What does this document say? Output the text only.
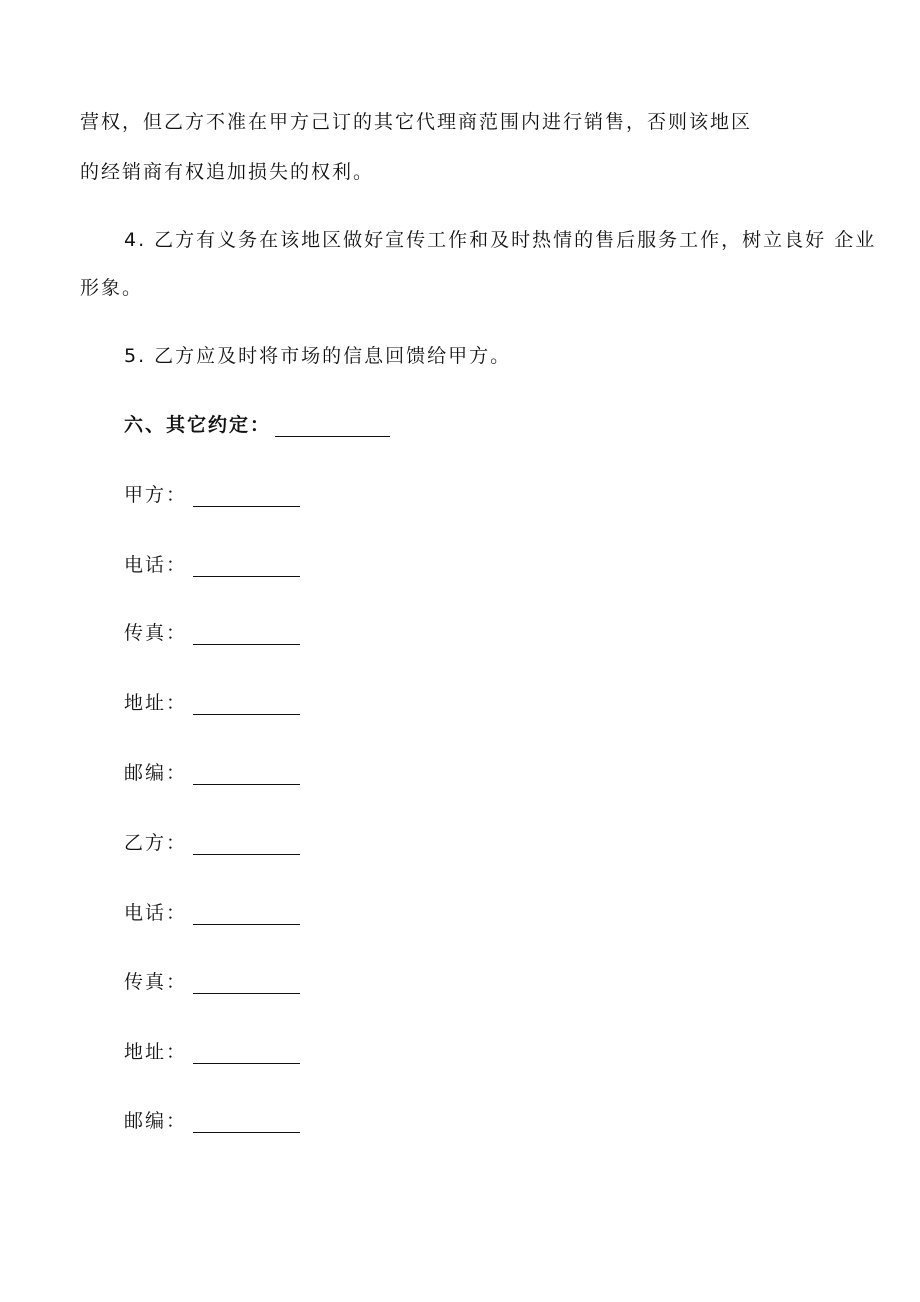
营权，但乙方不准在甲方己订的其它代理商范围内进行销售，否则该地区
的经销商有权追加损失的权利。
4. 乙方有义务在该地区做好宣传工作和及时热情的售后服务工作，树立良好 企业
形象。
5. 乙方应及时将市场的信息回馈给甲方。
六、其它约定：
甲方：
电话：
传真：
地址：
邮编：
乙方：
电话：
传真：
地址：
邮编：
